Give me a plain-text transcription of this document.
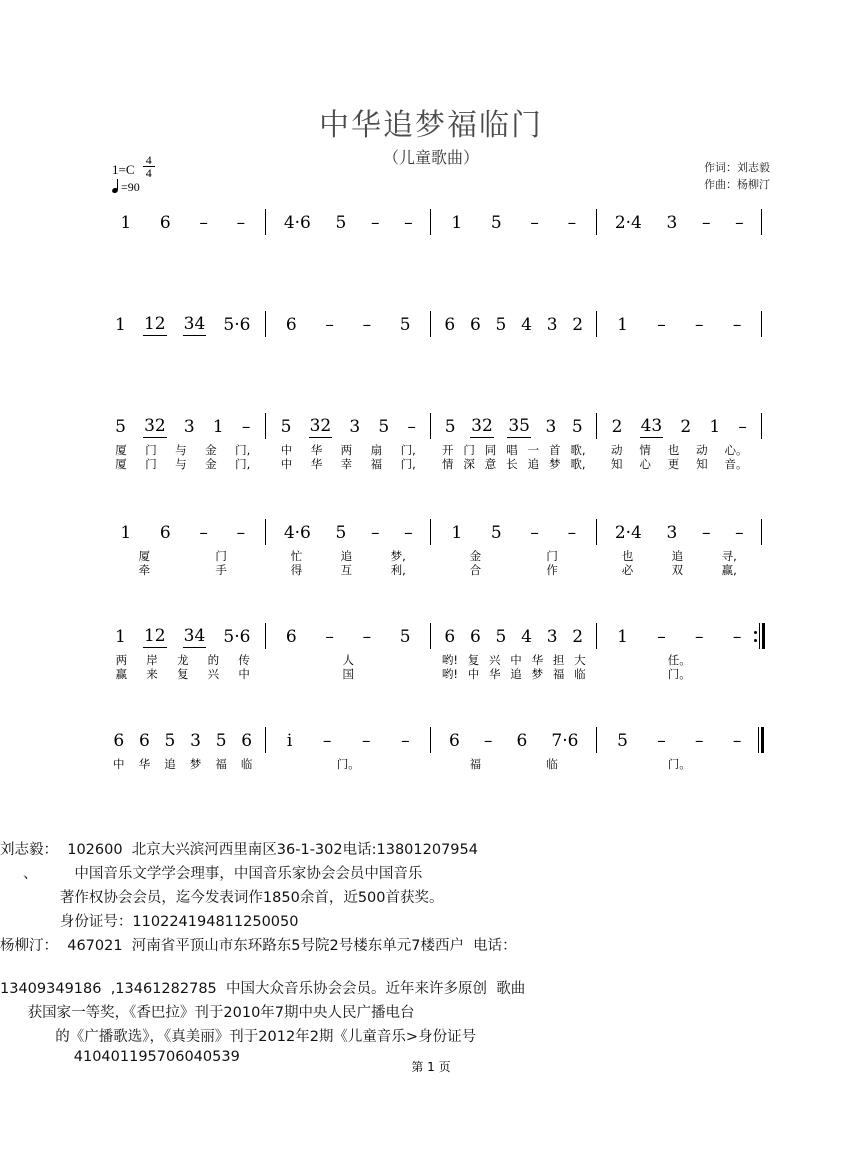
中华追梦福临门
（儿童歌曲）
作词：刘志毅
作曲：杨柳汀
$1=C \frac{4}{4}$
=90
1 6 – – 4·6 5 – – 1 5 – – 2·4 3 – –
1 12 34 5·6 6 – – 5 6 6 5 4 3 2 1 – – –
5 32 3 1 – 5 32 3 5 – 5 32 35 3 5 2 43 2 1 –
厦 门 与 金 门,	中 华 两 扇 门, 开 门 同 唱 一 首 歌, 动 情 也 动 心。
厦 门 与 金 门,	中 华 幸 福 门, 情 深 意 长 追 梦 歌, 知 心 更 知 音。
1 6 – – 4·6 5 – – 1 5 – – 2·4 3 – –
厦	门	忙	追	梦,	金	门	也	追	寻,
牵	手	得	互	利,	合	作	必	双	赢,
1 12 34 5·6 6 – – 5 6 6 5 4 3 2 1 – – –
两 岸 龙 的 传	人	哟! 复 兴 中 华 担 大	任。
赢 来 复 兴 中	国	哟! 中 华 追 梦 福 临	门。
6 6 5 3 5 6 i – – – 6 – 6 7·6 5 – – –
中 华 追 梦 福 临	门。	福	临	门。

刘志毅：  102600  北京大兴滨河西里南区36-1-302电话:13801207954

、        中国音乐文学学会理事，中国音乐家协会会员中国音乐

著作权协会会员，迄今发表词作1850余首，近500首获奖。

身份证号：110224194811250050

杨柳汀：  467021  河南省平顶山市东环路东5号院2号楼东单元7楼西户  电话：

13409349186  ,13461282785  中国大众音乐协会会员。近年来许多原创  歌曲

获国家一等奖，《香巴拉》刊于2010年7期中央人民广播电台

的《广播歌选》，《真美丽》刊于2012年2期《儿童音乐>身份证号

410401195706040539

第 1 页
